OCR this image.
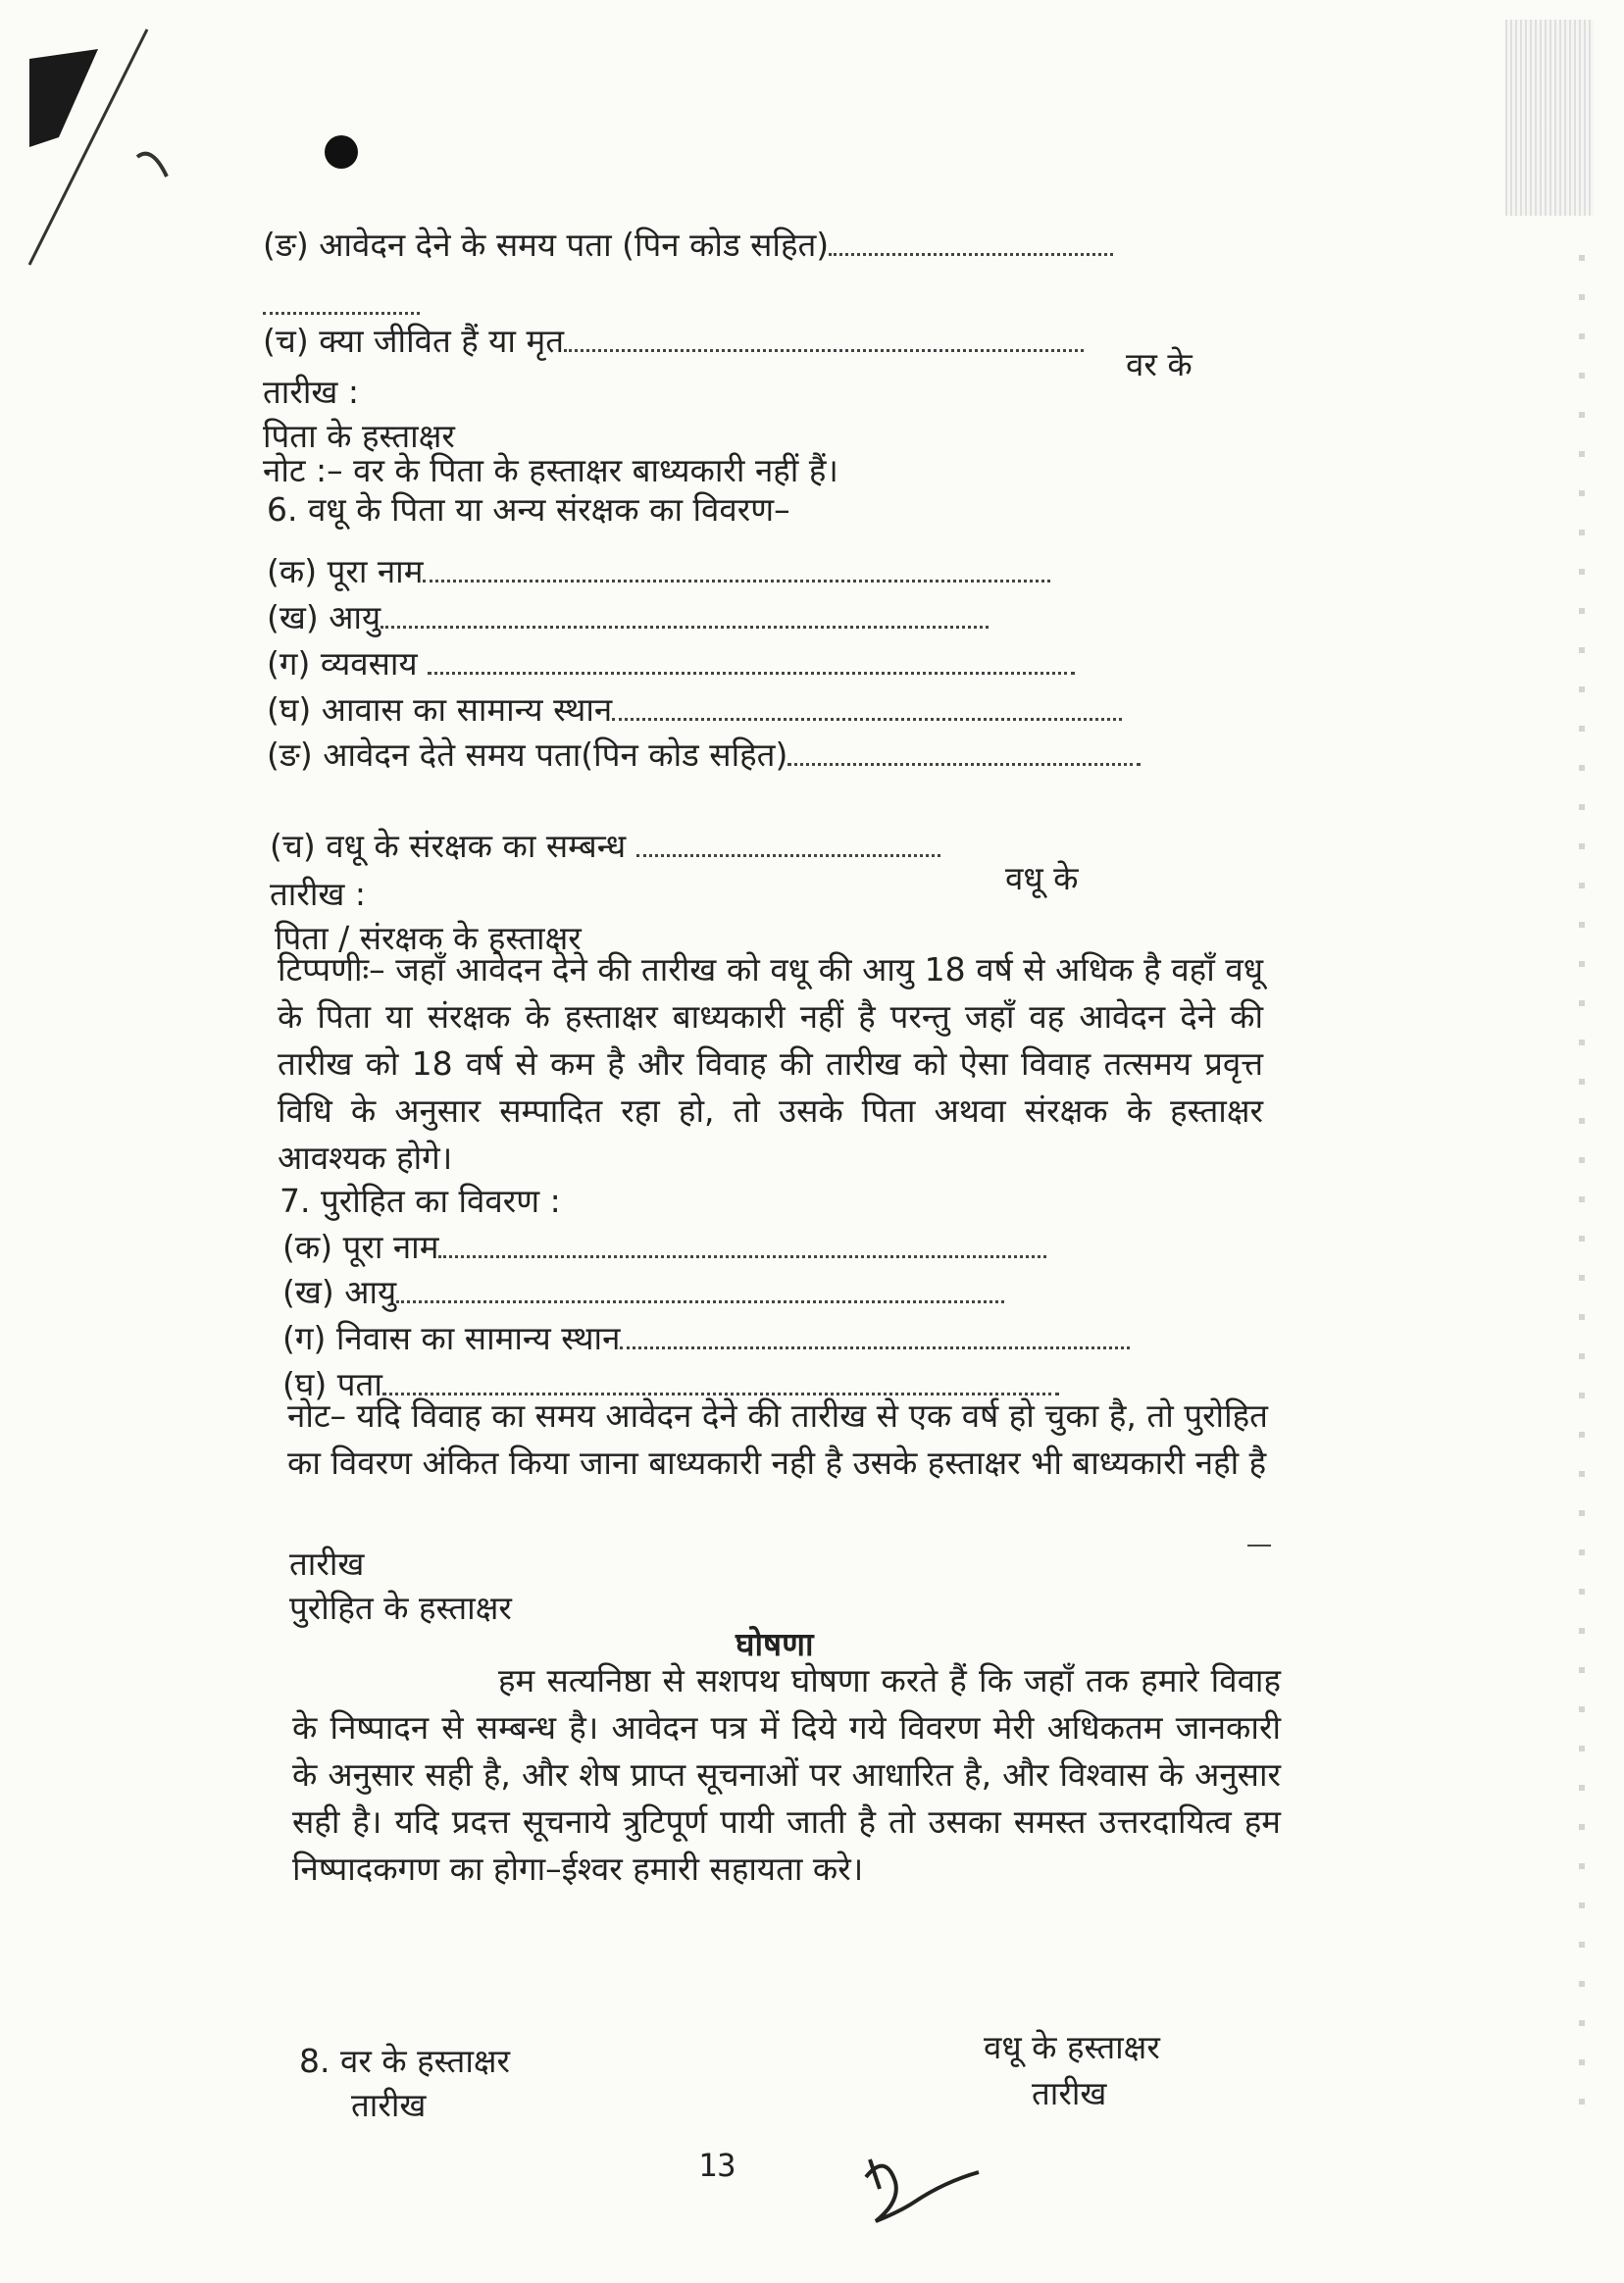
(ङ) आवेदन देने के समय पता (पिन कोड सहित)
(च) क्या जीवित हैं या मृत
वर के
तारीख :
पिता के हस्ताक्षर
नोट :– वर के पिता के हस्ताक्षर बाध्यकारी नहीं हैं।
6. वधू के पिता या अन्य संरक्षक का विवरण–
(क) पूरा नाम
(ख) आयु
(ग) व्यवसाय
(घ) आवास का सामान्य स्थान
(ङ) आवेदन देते समय पता(पिन कोड सहित)
(च) वधू के संरक्षक का सम्बन्ध
तारीख :	वधू के
पिता / संरक्षक के हस्ताक्षर
टिप्पणीः– जहॉं आवेदन देने की तारीख को वधू की आयु 18 वर्ष से अधिक है वहॉं वधू के पिता या संरक्षक के हस्ताक्षर बाध्यकारी नहीं है परन्तु जहॉं वह आवेदन देने की तारीख को 18 वर्ष से कम है और विवाह की तारीख को ऐसा विवाह तत्समय प्रवृत्त विधि के अनुसार सम्पादित रहा हो, तो उसके पिता अथवा संरक्षक के हस्ताक्षर आवश्यक होगे।
7. पुरोहित का विवरण :
(क) पूरा नाम
(ख) आयु
(ग) निवास का सामान्य स्थान
(घ) पता
नोट– यदि विवाह का समय आवेदन देने की तारीख से एक वर्ष हो चुका है, तो पुरोहित का विवरण अंकित किया जाना बाध्यकारी नही है उसके हस्ताक्षर भी बाध्यकारी नही है
तारीख
पुरोहित के हस्ताक्षर
घोषणा
हम सत्यनिष्ठा से सशपथ घोषणा करते हैं कि जहॉं तक हमारे विवाह के निष्पादन से सम्बन्ध है। आवेदन पत्र में दिये गये विवरण मेरी अधिकतम जानकारी के अनुसार सही है, और शेष प्राप्त सूचनाओं पर आधारित है, और विश्वास के अनुसार सही है। यदि प्रदत्त सूचनाये त्रुटिपूर्ण पायी जाती है तो उसका समस्त उत्तरदायित्व हम निष्पादकगण का होगा–ईश्वर हमारी सहायता करे।
8. वर के हस्ताक्षर
तारीख
वधू के हस्ताक्षर
तारीख
13
